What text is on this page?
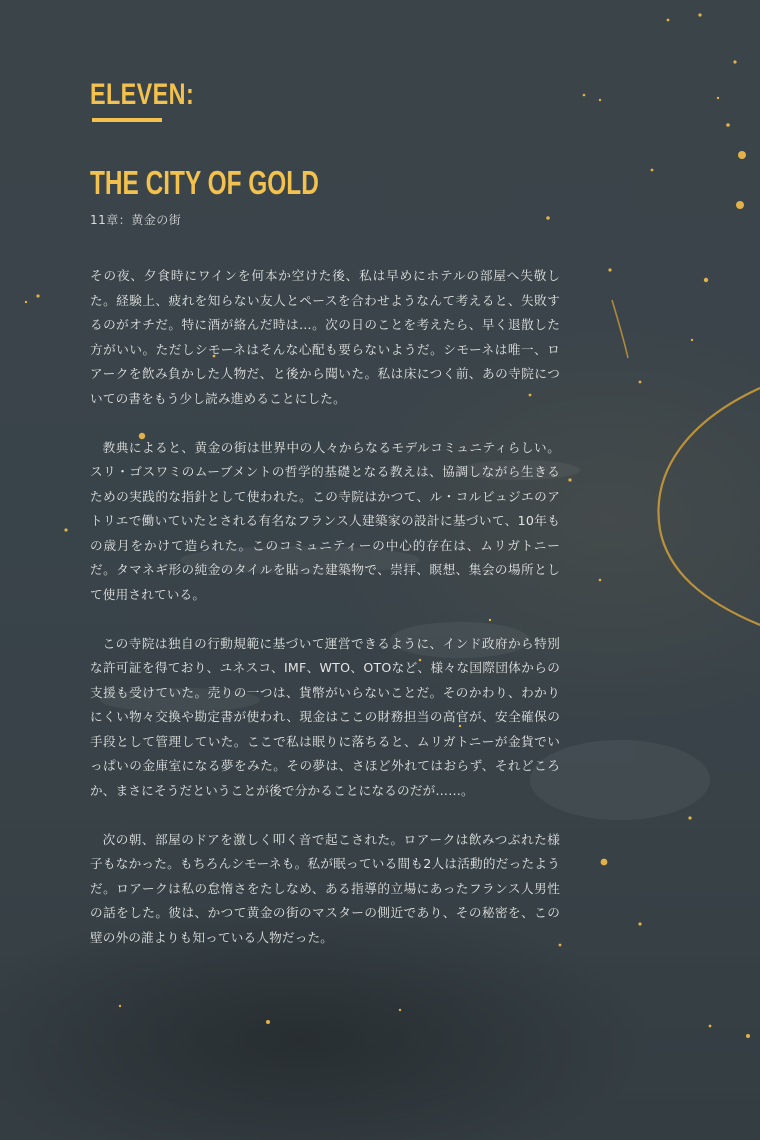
ELEVEN:
THE CITY OF GOLD
11章：黄金の街

その夜、夕食時にワインを何本か空けた後、私は早めにホテルの部屋へ失敬した。経験上、疲れを知らない友人とペースを合わせようなんて考えると、失敗するのがオチだ。特に酒が絡んだ時は…。次の日のことを考えたら、早く退散した方がいい。ただしシモーネはそんな心配も要らないようだ。シモーネは唯一、ロアークを飲み負かした人物だ、と後から聞いた。私は床につく前、あの寺院についての書をもう少し読み進めることにした。

教典によると、黄金の街は世界中の人々からなるモデルコミュニティらしい。スリ・ゴスワミのムーブメントの哲学的基礎となる教えは、協調しながら生きるための実践的な指針として使われた。この寺院はかつて、ル・コルビュジエのアトリエで働いていたとされる有名なフランス人建築家の設計に基づいて、10年もの歳月をかけて造られた。このコミュニティーの中心的存在は、ムリガトニーだ。タマネギ形の純金のタイルを貼った建築物で、崇拝、瞑想、集会の場所として使用されている。

この寺院は独自の行動規範に基づいて運営できるように、インド政府から特別な許可証を得ており、ユネスコ、IMF、WTO、OTOなど、様々な国際団体からの支援も受けていた。売りの一つは、貨幣がいらないことだ。そのかわり、わかりにくい物々交換や勘定書が使われ、現金はここの財務担当の高官が、安全確保の手段として管理していた。ここで私は眠りに落ちると、ムリガトニーが金貨でいっぱいの金庫室になる夢をみた。その夢は、さほど外れてはおらず、それどころか、まさにそうだということが後で分かることになるのだが……。

次の朝、部屋のドアを激しく叩く音で起こされた。ロアークは飲みつぶれた様子もなかった。もちろんシモーネも。私が眠っている間も2人は活動的だったようだ。ロアークは私の怠惰さをたしなめ、ある指導的立場にあったフランス人男性の話をした。彼は、かつて黄金の街のマスターの側近であり、その秘密を、この壁の外の誰よりも知っている人物だった。
